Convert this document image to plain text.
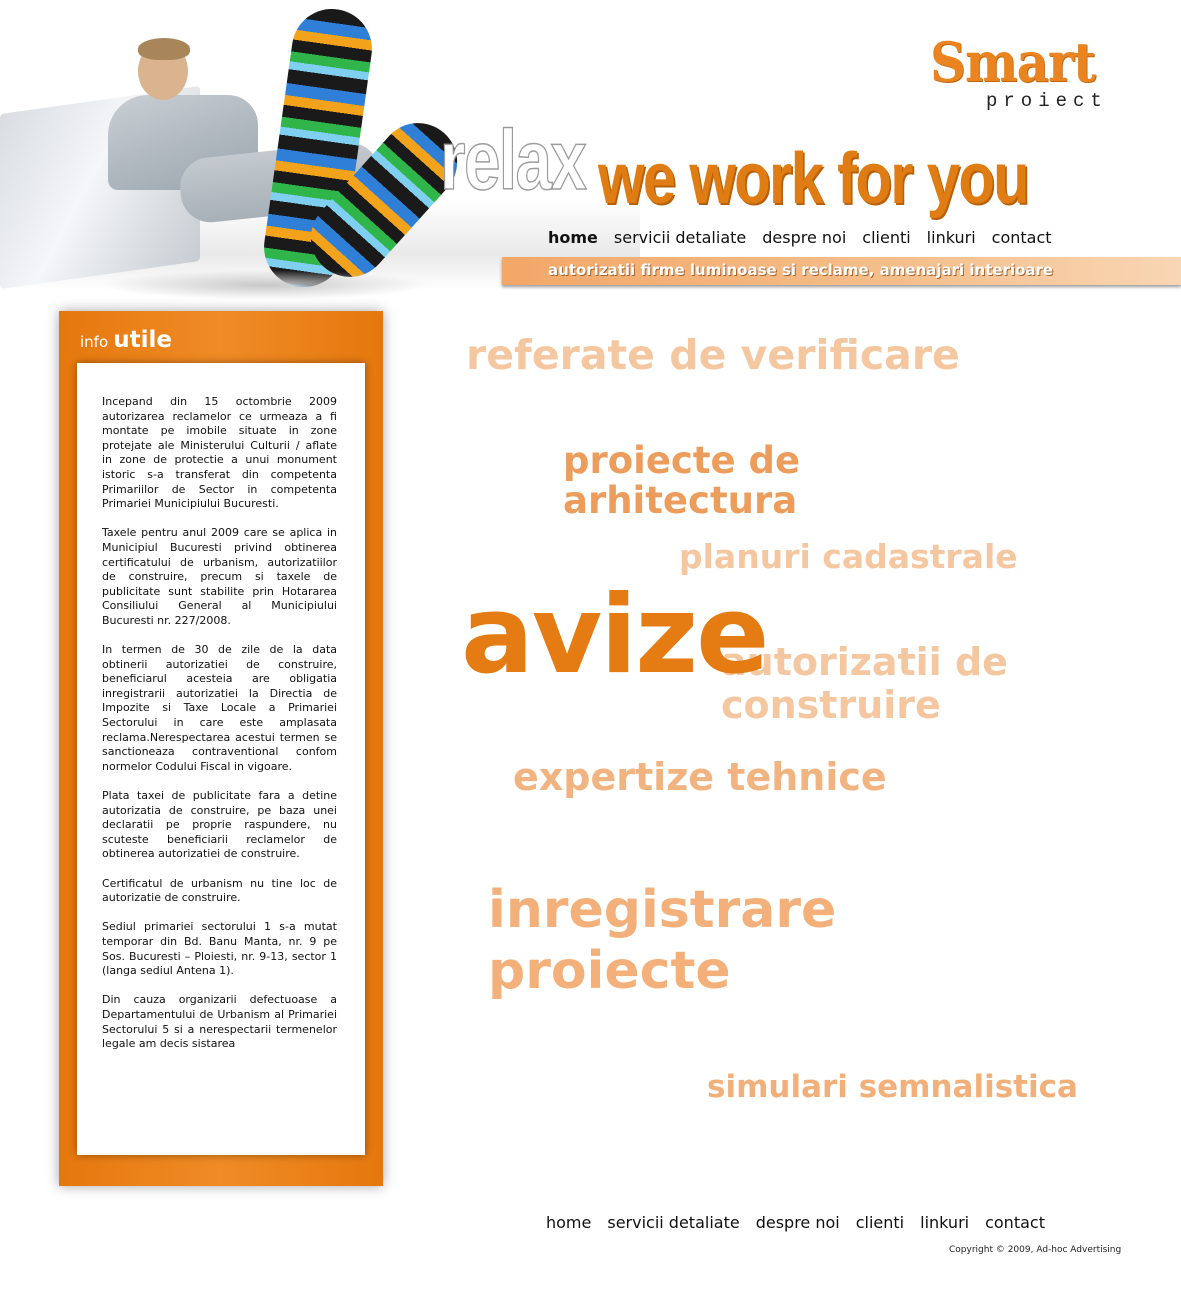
relax
Smart
proiect
we work for you
home servicii detaliate despre noi clienti linkuri contact
autorizatii firme luminoase si reclame, amenajari interioare
info utile

Incepand din 15 octombrie 2009 autorizarea reclamelor ce urmeaza a fi montate pe imobile situate in zone protejate ale Ministerului Culturii / aflate in zone de protectie a unui monument istoric s-a transferat din competenta Primariilor de Sector in competenta Primariei Municipiului Bucuresti.

Taxele pentru anul 2009 care se aplica in Municipiul Bucuresti privind obtinerea certificatului de urbanism, autorizatiilor de construire, precum si taxele de publicitate sunt stabilite prin Hotararea Consiliului General al Municipiului Bucuresti nr. 227/2008.

In termen de 30 de zile de la data obtinerii autorizatiei de construire, beneficiarul acesteia are obligatia inregistrarii autorizatiei la Directia de Impozite si Taxe Locale a Primariei Sectorului in care este amplasata reclama.Nerespectarea acestui termen se sanctioneaza contraventional confom normelor Codului Fiscal in vigoare.

Plata taxei de publicitate fara a detine autorizatia de construire, pe baza unei declaratii pe proprie raspundere, nu scuteste beneficiarii reclamelor de obtinerea autorizatiei de construire.

Certificatul de urbanism nu tine loc de autorizatie de construire.

Sediul primariei sectorului 1 s-a mutat temporar din Bd. Banu Manta, nr. 9 pe Sos. Bucuresti – Ploiesti, nr. 9-13, sector 1 (langa sediul Antena 1).

Din cauza organizarii defectuoase a Departamentului de Urbanism al Primariei Sectorului 5 si a nerespectarii termenelor legale am decis sistarea

referate de verificare
proiecte de
arhitectura
planuri cadastrale
autorizatii de
construire
avize
expertize tehnice
inregistrare
proiecte
simulari semnalistica
home servicii detaliate despre noi clienti linkuri contact
Copyright © 2009, Ad-hoc Advertising
